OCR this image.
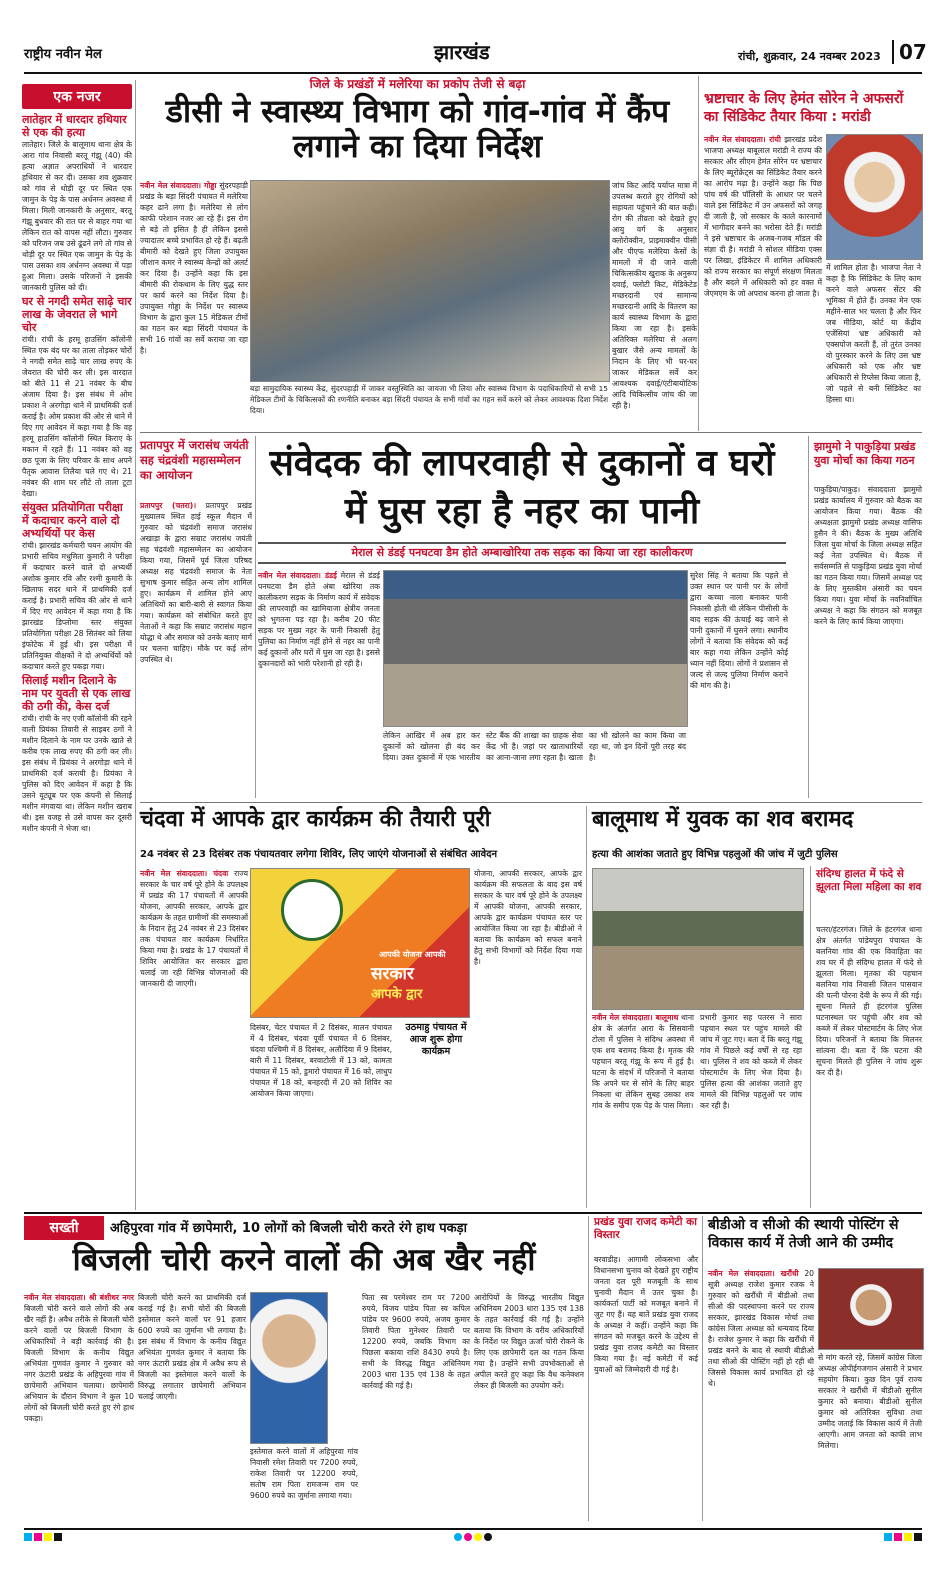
राष्ट्रीय नवीन मेल	झारखंड	रांची, शुक्रवार, 24 नवम्बर 2023 07
एक नजर
लातेहार में धारदार हथियार से एक की हत्या

लातेहार। जिले के बालूमाथ थाना क्षेत्र के आरा गांव निवासी बरतू गंझू (40) की हत्या अज्ञात अपराधियों ने धारदार हथियार से कर दी। उसका शव शुक्रवार को गांव से थोड़ी दूर पर स्थित एक जामुन के पेड़ के पास अर्धनग्न अवस्था में मिला। मिली जानकारी के अनुसार, बरतू गंझू बुधवार की रात घर से बाहर गया था लेकिन रात को वापस नहीं लौटा। गुरुवार को परिजन जब उसे ढूंढने लगे तो गांव से थोड़ी दूर पर स्थित एक जामुन के पेड़ के पास उसका शव अर्धनग्न अवस्था में पड़ा हुआ मिला। उसके परिजनों ने इसकी जानकारी पुलिस को दी।

घर से नगदी समेत साढ़े चार लाख के जेवरात ले भागे चोर

रांची। रांची के हरमू हाउसिंग कॉलोनी स्थित एक बंद घर का ताला तोड़कर चोरों ने नगदी समेत साढ़े चार लाख रुपए के जेवरात की चोरी कर ली। इस वारदात को बीते 11 से 21 नवंबर के बीच अंजाम दिया है। इस संबंध में ओम प्रकाश ने अरगोड़ा थाने में प्राथमिकी दर्ज कराई है। ओम प्रकाश की ओर से थाने में दिए गए आवेदन में कहा गया है कि वह हरमू हाउसिंग कॉलोनी स्थित किराए के मकान में रहते हैं। 11 नवंबर को वह छठ पूजा के लिए परिवार के साथ अपने पैतृक आवास तिलैया चले गए थे। 21 नवंबर की शाम घर लौटे तो ताला टूटा देखा।

संयुक्त प्रतियोगिता परीक्षा में कदाचार करने वाले दो अभ्यर्थियों पर केस

रांची। झारखंड कर्मचारी चयन आयोग की प्रभारी सचिव मधुमिता कुमारी ने परीक्षा में कदाचार करने वाले दो अभ्यर्थी अशोक कुमार रवि और रश्मी कुमारी के खिलाफ सदर थाने में प्राथमिकी दर्ज कराई है। प्रभारी सचिव की ओर से थाने में दिए गए आवेदन में कहा गया है कि झारखंड डिप्लोमा स्तर संयुक्त प्रतियोगिता परीक्षा 28 सितंबर को लिया इंफोटेक में हुई थी। इस परीक्षा में प्रतिनियुक्त वीक्षकों ने दो अभ्यर्थियों को कदाचार करते हुए पकड़ा गया।

सिलाई मशीन दिलाने के नाम पर युवती से एक लाख की ठगी की, केस दर्ज

रांची। रांची के नए एजी कॉलोनी की रहने वाली प्रियंका तिवारी से साइबर ठगों ने मशीन दिलाने के नाम पर उनके खाते से करीब एक लाख रुपए की ठगी कर ली। इस संबंध में प्रियंका ने अरगोड़ा थाने में प्राथमिकी दर्ज करायी है। प्रियंका ने पुलिस को दिए आवेदन में कहा है कि उसने यूट्यूब पर एक कंपनी से सिलाई मशीन मंगवाया था। लेकिन मशीन खराब थी। इस वजह से उसे वापस कर दूसरी मशीन कंपनी ने भेजा था।

जिले के प्रखंडों में मलेरिया का प्रकोप तेजी से बढ़ा
डीसी ने स्वास्थ्य विभाग को गांव-गांव में कैंप लगाने का दिया निर्देश
नवीन मेल संवाददाता। गोड्डा सुंदरपहाड़ी प्रखंड के बड़ा सिंदरी पंचायत में मलेरिया कहर ढाने लगा है। मलेरिया से लोग काफी परेशान नजर आ रहे हैं। इस रोग से बड़े तो इसित है ही लेकिन इससे ज्यादातर बच्चे प्रभावित हो रहे हैं। बढ़ती बीमारी को देखते हुए जिला उपायुक्त जीशान कमर ने स्वास्थ्य केन्द्रों को अलर्ट कर दिया है। उन्होंने कहा कि इस बीमारी की रोकथाम के लिए युद्ध स्तर पर कार्य करने का निर्देश दिया है। उपायुक्त गोड्डा के निर्देश पर स्वास्थ्य विभाग के द्वारा कुल 15 मेडिकल टीमों का गठन कर बड़ा सिंदरी पंचायत के सभी 16 गांवों का सर्वे कराया जा रहा है।
बड़ा सामुदायिक स्वास्थ्य केंद्र, सुंदरपहाड़ी में जाकर वस्तुस्थिति का जायजा भी लिया और स्वास्थ्य विभाग के पदाधिकारियों से सभी 15 मेडिकल टीमों के चिकित्सकों की रणनीति बनाकर बड़ा सिंदरी पंचायत के सभी गांवों का गहन सर्वे करने को लेकर आवश्यक दिशा निर्देश दिया।
जांच किट आदि पर्याप्त मात्रा में उपलब्ध कराते हुए रोगियों को सहायता पहुंचाने की बात कही। रोग की तीव्रता को देखते हुए आयु वर्ग के अनुसार क्लोरोक्वीन, प्राइमाक्वीन पीसी और पीएफ मलेरिया केसों के मामलों में दी जाने वाली चिकित्सकीय खुराक के अनुरूप दवाई, फ्लोटी किट, मेडिकेटेड मच्छरदानी एवं सामान्य मच्छरदानी आदि के वितरण का कार्य स्वास्थ्य विभाग के द्वारा किया जा रहा है। इसके अतिरिक्त मलेरिया से अलग बुखार जैसे अन्य मामलों के निदान के लिए भी घर-घर जाकर मेडिकल सर्वे कर आवश्यक दवाई/एंटीबायोटिक आदि चिकित्सीय जांच की जा रही है।
भ्रष्टाचार के लिए हेमंत सोरेन ने अफसरों का सिंडिकेट तैयार किया : मरांडी
नवीन मेल संवाददाता। रांची झारखंड प्रदेश भाजपा अध्यक्ष बाबूलाल मरांडी ने राज्य की सरकार और सीएम हेमंत सोरेन पर भ्रष्टाचार के लिए ब्यूरोक्रेट्स का सिंडिकेट तैयार करने का आरोप मढ़ा है। उन्होंने कहा कि पिछ पांच वर्ष की पॉलिसी के आधार पर चलने वाले इस सिंडिकेट में उन अफसरों को जगह दी जाती है, जो सरकार के काले कारनामों में भागीदार बनने का भरोसा देते हैं। मरांडी ने इसे भ्रष्टाचार के अजब-गजब मॉडल की संज्ञा दी है। मरांडी ने सोशल मीडिया एक्स पर लिखा, इंडिकेटर में शामिल अधिकारी को राज्य सरकार का संपूर्ण संरक्षण मिलता है और बदले में अधिकारी को हर वक्त में जेएमएम के जो अपराध करना हो जाता है।
में शामिल होता है। भाजपा नेता ने कहा है कि सिंडिकेट के लिए काम करने वाले अफसर सेंटर की भूमिका में होते हैं। उनका मेन एक महीने-साल भर चलता है और फिर जब मीडिया, कोर्ट या केंद्रीय एजेंसियां भ्रष्ट अधिकारी को एक्सपोज करती हैं, तो तुरंत उनका वो पुरस्कार करने के लिए उस भ्रष्ट अधिकारी को एक और भ्रष्ट अधिकारी से रिप्लेस किया जाता है, जो पहले से बनी सिंडिकेट का हिस्सा था।
प्रतापपुर में जरासंध जयंती सह चंद्रवंशी महासम्मेलन का आयोजन
प्रतापपुर (चतरा)। प्रतापपुर प्रखंड मुख्यालय स्थित हाई स्कूल मैदान में गुरुवार को चंद्रवंशी समाज जरासंध अखाड़ा के द्वारा सम्राट जरासंध जयंती सह चंद्रवंशी महासम्मेलन का आयोजन किया गया, जिसमें पूर्व जिला परिषद अध्यक्ष सह चंद्रवंशी समाज के नेता सुभाष कुमार सहित अन्य लोग शामिल हुए। कार्यक्रम में शामिल होने आए अतिथियों का बारी-बारी से स्वागत किया गया। कार्यक्रम को संबोधित करते हुए नेताओं ने कहा कि सम्राट जरासंध महान योद्धा थे और समाज को उनके बताए मार्ग पर चलना चाहिए। मौके पर कई लोग उपस्थित थे।
संवेदक की लापरवाही से दुकानों व घरों में घुस रहा है नहर का पानी
मेराल से डंडई पनघटवा डैम होते अम्बाखोरिया तक सड़क का किया जा रहा कालीकरण
नवीन मेल संवाददाता। डंडई मेराल से डंडई पनघटवा डैम होते अंबा खोरिया तक कालीकरण सड़क के निर्माण कार्य में संवेदक की लापरवाही का खामियाजा क्षेत्रीय जनता को भुगतना पड़ रहा है। करीब 20 फीट सड़क पर मुख्य नहर के पानी निकासी हेतु पुलिया का निर्माण नहीं होने से नहर का पानी कई दुकानों और घरों में घुस जा रहा है। इससे दुकानदारों को भारी परेशानी हो रही है।
लेकिन आखिर में अब हार कर दुकानों को खोलना ही बंद कर दिया। उक्त दुकानों में एक भारतीय स्टेट बैंक की शाखा का ग्राहक सेवा केंद्र भी है। जहां पर खाताधारियों का आना-जाना लगा रहता है। खाता का भी खोलने का काम किया जा रहा था, जो इन दिनों पूरी तरह बंद है।
सुरेश सिंह ने बताया कि पहले से उक्त स्थान पर पानी पर के लोगों द्वारा कच्चा नाला बनाकर पानी निकासी होती थी लेकिन पीसीसी के बाद सड़क की ऊंचाई बढ़ जाने से पानी दुकानों में घुसने लगा। स्थानीय लोगों ने बताया कि संवेदक को कई बार कहा गया लेकिन उन्होंने कोई ध्यान नहीं दिया। लोगों ने प्रशासन से जल्द से जल्द पुलिया निर्माण कराने की मांग की है।
झामुमो ने पाकुड़िया प्रखंड युवा मोर्चा का किया गठन
पाकुड़िया/पाकुड़। संवाददाता झामुमो प्रखंड कार्यालय में गुरुवार को बैठक का आयोजन किया गया। बैठक की अध्यक्षता झामुमो प्रखंड अध्यक्ष वासिफ हुसैन ने की। बैठक के मुख्य अतिथि जिला युवा मोर्चा के जिला अध्यक्ष सहित कई नेता उपस्थित थे। बैठक में सर्वसम्मति से पाकुड़िया प्रखंड युवा मोर्चा का गठन किया गया। जिसमें अध्यक्ष पद के लिए मुस्तकीम अंसारी का चयन किया गया। युवा मोर्चा के नवनिर्वाचित अध्यक्ष ने कहा कि संगठन को मजबूत करने के लिए कार्य किया जाएगा।
चंदवा में आपके द्वार कार्यक्रम की तैयारी पूरी
24 नवंबर से 23 दिसंबर तक पंचायतवार लगेगा शिविर, लिए जाएंगे योजनाओं से संबंधित आवेदन
नवीन मेल संवाददाता। चंदवा राज्य सरकार के चार वर्ष पूरे होने के उपलक्ष्य में प्रखंड की 17 पंचायतों में आपकी योजना, आपकी सरकार, आपके द्वार कार्यक्रम के तहत ग्रामीणों की समस्याओं के निदान हेतु 24 नवंबर से 23 दिसंबर तक पंचायत वार कार्यक्रम निर्धारित किया गया है। प्रखंड के 17 पंचायतों में शिविर आयोजित कर सरकार द्वारा चलाई जा रही विभिन्न योजनाओं की जानकारी दी जाएगी।
आपकी योजना आपकी
सरकार
आपके द्वार
दिसंबर, चेटर पंचायत में 2 दिसंबर, मालन पंचायत में 4 दिसंबर, चंदवा पूर्वी पंचायत में 6 दिसंबर, चंदवा पश्चिमी में 8 दिसंबर, अलौदिया में 9 दिसंबर, बारी में 11 दिसंबर, बरवाटोली में 13 को, कामता पंचायत में 15 को, डुमारो पंचायत में 16 को, लाधुप पंचायत में 18 को, बनहरदी में 20 को शिविर का आयोजन किया जाएगा।
उठमाहु पंचायत में आज शुरू होगा कार्यक्रम
योजना, आपकी सरकार, आपके द्वार कार्यक्रम की सफलता के बाद इस वर्ष सरकार के चार वर्ष पूरे होने के उपलक्ष्य में आपकी योजना, आपकी सरकार, आपके द्वार कार्यक्रम पंचायत स्तर पर आयोजित किया जा रहा है। बीडीओ ने बताया कि कार्यक्रम को सफल बनाने हेतु सभी विभागों को निर्देश दिया गया है।
बालूमाथ में युवक का शव बरामद
हत्या की आशंका जताते हुए विभिन्न पहलुओं की जांच में जुटी पुलिस
नवीन मेल संवाददाता। बालूमाथ थाना क्षेत्र के अंतर्गत आरा के सिसवानी टोला में पुलिस ने संदिग्ध अवस्था में एक शव बरामद किया है। मृतक की पहचान बरतू गंझू के रूप में हुई है। घटना के संदर्भ में परिजनों ने बताया कि अपने घर से सोने के लिए बाहर निकला था लेकिन सुबह उसका शव गांव के समीप एक पेड़ के पास मिला।
प्रभारी कुमार सह पतरस ने सारा पहचान स्थल पर पहुंच मामले की जांच में जुट गए। बता दें कि बरतू गंझू गांव में पिछले कई वर्षों से रह रहा था। पुलिस ने शव को कब्जे में लेकर पोस्टमार्टम के लिए भेज दिया है। पुलिस हत्या की आशंका जताते हुए मामले की विभिन्न पहलुओं पर जांच कर रही है।
संदिग्ध हालत में फंदे से झूलता मिला महिला का शव
चतरा/हंटरगंज। जिले के हंटरगंज थाना क्षेत्र अंतर्गत पांडेयपुरा पंचायत के बलनिया गांव की एक विवाहिता का शव घर में ही संदिग्ध हालत में फंदे से झूलता मिला। मृतका की पहचान बलनिया गांव निवासी जितन पासवान की पत्नी पोरना देवी के रूप में की गई। सूचना मिलते ही हंटरगंज पुलिस घटनास्थल पर पहुंची और शव को कब्जे में लेकर पोस्टमार्टम के लिए भेज दिया। परिजनों ने बताया कि मिलनर सांत्वना दी। बता दें कि घटना की सूचना मिलते ही पुलिस ने जांच शुरू कर दी है।
सख्ती	अहिपुरवा गांव में छापेमारी, 10 लोगों को बिजली चोरी करते रंगे हाथ पकड़ा
बिजली चोरी करने वालों की अब खैर नहीं
नवीन मेल संवाददाता। श्री बंशीधर नगर बिजली चोरी करने वाले लोगों की अब खैर नहीं है। अवैध तरीके से बिजली चोरी करने वालों पर बिजली विभाग के अधिकारियों ने बड़ी कार्रवाई की है। बिजली विभाग के कनीय विद्युत अभियंता गुणवंत कुमार ने गुरुवार को नगर ऊंटारी प्रखंड के अहिपुरवा गांव में छापेमारी अभियान चलाया। छापेमारी अभियान के दौरान विभाग ने कुल 10 लोगों को बिजली चोरी करते हुए रंगे हाथ पकड़ा।
बिजली चोरी करने का प्राथमिकी दर्ज कराई गई है। सभी चोरों की बिजली इस्तेमाल करने वालों पर 91 हजार 600 रुपये का जुर्माना भी लगाया है। इस संबंध में विभाग के कनीय विद्युत अभियंता गुणवंत कुमार ने बताया कि नगर ऊंटारी प्रखंड क्षेत्र में अवैध रूप से बिजली का इस्तेमाल करने वालों के विरुद्ध लगातार छापेमारी अभियान चलाई जाएगी।
इस्तेमाल करने वालों में अहिपुरवा गांव निवासी रमेश तिवारी पर 7200 रुपये, राकेश तिवारी पर 12200 रुपये, सतोष राम पिता रामजन्म राम पर 9600 रुपये का जुर्माना लगाया गया।
पिता स्व परमेश्वर राम पर 7200 रुपये, विजय पांडेय पिता स्व कपिल पांडेय पर 9600 रुपये, अजय कुमार तिवारी पिता मुनेश्वर तिवारी पर 12200 रुपये, जबकि विभाग का पिछला बकाया राशि 8430 रुपये है। सभी के विरुद्ध विद्युत अधिनियम 2003 धारा 135 एवं 138 के तहत कार्रवाई की गई है।
आरोपियों के विरुद्ध भारतीय विद्युत अधिनियम 2003 धारा 135 एवं 138 के तहत कार्रवाई की गई है। उन्होंने बताया कि विभाग के वरीय अधिकारियों के निर्देश पर विद्युत ऊर्जा चोरी रोकने के लिए एक छापेमारी दल का गठन किया गया है। उन्होंने सभी उपभोक्ताओं से अपील करते हुए कहा कि वैध कनेक्शन लेकर ही बिजली का उपयोग करें।
प्रखंड युवा राजद कमेटी का विस्तार
बरवाडीह। आगामी लोकसभा और विधानसभा चुनाव को देखते हुए राष्ट्रीय जनता दल पूरी मजबूती के साथ चुनावी मैदान में उतर चुका है। कार्यकर्ता पार्टी को मजबूत बनाने में जुट गए हैं। यह बातें प्रखंड युवा राजद के अध्यक्ष ने कहीं। उन्होंने कहा कि संगठन को मजबूत करने के उद्देश्य से प्रखंड युवा राजद कमेटी का विस्तार किया गया है। नई कमेटी में कई युवाओं को जिम्मेदारी दी गई है।
बीडीओ व सीओ की स्थायी पोस्टिंग से विकास कार्य में तेजी आने की उम्मीद
नवीन मेल संवाददाता। खरौंधी 20 सूत्री अध्यक्ष राजेश कुमार रजक ने गुरुवार को खरौंधी में बीडीओ तथा सीओ की पदस्थापना करने पर राज्य सरकार, झारखंड विकास मोर्चा तथा कांग्रेस जिला अध्यक्ष को धन्यवाद दिया है। राजेश कुमार ने कहा कि खरौंधी में प्रखंड बनने के बाद से स्थायी बीडीओ तथा सीओ की पोस्टिंग नहीं हो रही थी जिससे विकास कार्य प्रभावित हो रहे थे।
से मांग करते रहे, जिसमें कांग्रेस जिला अध्यक्ष ओपीईगजगान अंसारी ने प्रभार सहयोग किया। कुछ दिन पूर्व राज्य सरकार ने खरौंधी में बीडीओ सुनील कुमार को बनाया। बीडीओ सुनील कुमार को अतिरिक्त सुविधा तथा उम्मीद जताई कि विकास कार्य में तेजी आएगी। आम जनता को काफी लाभ मिलेगा।
